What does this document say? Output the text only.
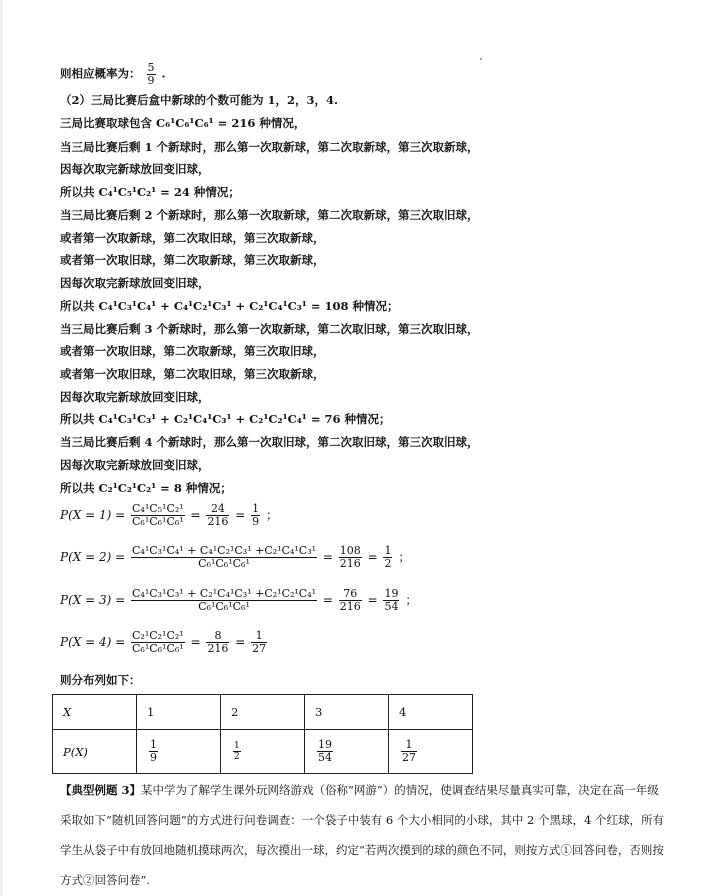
则相应概率为： $\frac{5}{9}$ .
（2）三局比赛后盒中新球的个数可能为 1，2，3，4.
三局比赛取球包含 C₆¹C₆¹C₆¹ = 216 种情况，
当三局比赛后剩 1 个新球时，那么第一次取新球，第二次取新球，第三次取新球，
因每次取完新球放回变旧球，
所以共 C₄¹C₅¹C₂¹ = 24 种情况；
当三局比赛后剩 2 个新球时，那么第一次取新球，第二次取新球，第三次取旧球，
或者第一次取新球，第二次取旧球，第三次取新球，
或者第一次取旧球，第二次取新球，第三次取新球，
因每次取完新球放回变旧球，
所以共 C₄¹C₃¹C₄¹ + C₄¹C₂¹C₃¹ + C₂¹C₄¹C₃¹ = 108 种情况；
当三局比赛后剩 3 个新球时，那么第一次取新球，第二次取旧球，第三次取旧球，
或者第一次取旧球，第二次取新球，第三次取旧球，
或者第一次取旧球，第二次取旧球，第三次取新球，
因每次取完新球放回变旧球，
所以共 C₄¹C₃¹C₃¹ + C₂¹C₄¹C₃¹ + C₂¹C₂¹C₄¹ = 76 种情况；
当三局比赛后剩 4 个新球时，那么第一次取旧球，第二次取旧球，第三次取旧球，
因每次取完新球放回变旧球，
所以共 C₂¹C₂¹C₂¹ = 8 种情况；
$P(X = 1) = \frac{\text{C₄¹C₅¹C₂¹}}{\text{C₆¹C₆¹C₆¹}} = \frac{24}{216} = \frac{1}{9}$ ；
$P(X = 2) = \frac{\text{C₄¹C₃¹C₄¹ + C₄¹C₂¹C₃¹ +C₂¹C₄¹C₃¹}}{\text{C₆¹C₆¹C₆¹}} = \frac{108}{216} = \frac{1}{2}$ ；
$P(X = 3) = \frac{\text{C₄¹C₃¹C₃¹ + C₂¹C₄¹C₃¹ +C₂¹C₂¹C₄¹}}{\text{C₆¹C₆¹C₆¹}} = \frac{76}{216} = \frac{19}{54}$ ；
$P(X = 4) = \frac{\text{C₂¹C₂¹C₂¹}}{\text{C₆¹C₆¹C₆¹}} = \frac{8}{216} = \frac{1}{27}$
则分布列如下：
X	1	2	3	4
P(X)	$\frac{1}{9}$	$\frac{1}{2}$	$\frac{19}{54}$	$\frac{1}{27}$
【典型例题 3】某中学为了解学生课外玩网络游戏（俗称“网游”）的情况，使调查结果尽量真实可靠，决定在高一年级采取如下“随机回答问题”的方式进行问卷调查：一个袋子中装有 6 个大小相同的小球，其中 2 个黑球，4 个红球，所有学生从袋子中有放回地随机摸球两次，每次摸出一球，约定“若两次摸到的球的颜色不同，则按方式①回答问卷，否则按方式②回答问卷”.
